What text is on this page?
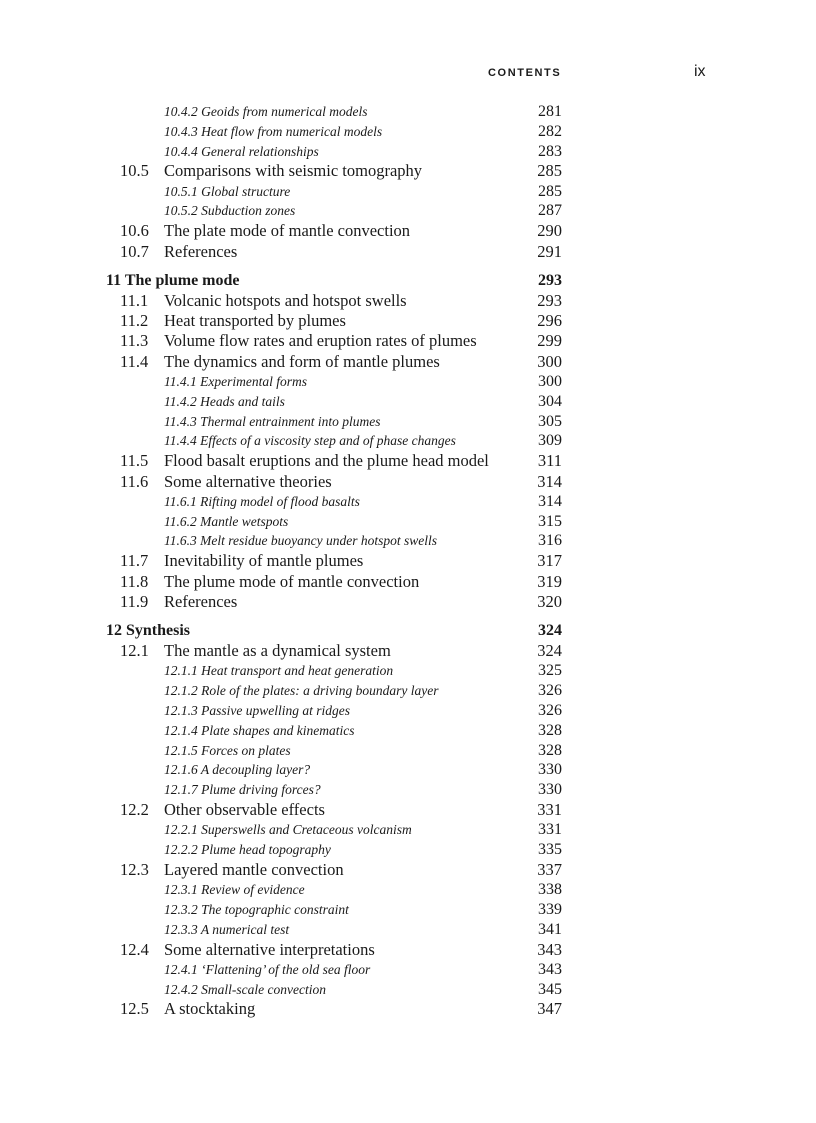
CONTENTS	ix
10.4.2 Geoids from numerical models	281
10.4.3 Heat flow from numerical models	282
10.4.4 General relationships	283
10.5 Comparisons with seismic tomography	285
10.5.1 Global structure	285
10.5.2 Subduction zones	287
10.6 The plate mode of mantle convection	290
10.7 References	291
11 The plume mode	293
11.1 Volcanic hotspots and hotspot swells	293
11.2 Heat transported by plumes	296
11.3 Volume flow rates and eruption rates of plumes	299
11.4 The dynamics and form of mantle plumes	300
11.4.1 Experimental forms	300
11.4.2 Heads and tails	304
11.4.3 Thermal entrainment into plumes	305
11.4.4 Effects of a viscosity step and of phase changes	309
11.5 Flood basalt eruptions and the plume head model	311
11.6 Some alternative theories	314
11.6.1 Rifting model of flood basalts	314
11.6.2 Mantle wetspots	315
11.6.3 Melt residue buoyancy under hotspot swells	316
11.7 Inevitability of mantle plumes	317
11.8 The plume mode of mantle convection	319
11.9 References	320
12 Synthesis	324
12.1 The mantle as a dynamical system	324
12.1.1 Heat transport and heat generation	325
12.1.2 Role of the plates: a driving boundary layer	326
12.1.3 Passive upwelling at ridges	326
12.1.4 Plate shapes and kinematics	328
12.1.5 Forces on plates	328
12.1.6 A decoupling layer?	330
12.1.7 Plume driving forces?	330
12.2 Other observable effects	331
12.2.1 Superswells and Cretaceous volcanism	331
12.2.2 Plume head topography	335
12.3 Layered mantle convection	337
12.3.1 Review of evidence	338
12.3.2 The topographic constraint	339
12.3.3 A numerical test	341
12.4 Some alternative interpretations	343
12.4.1 ‘Flattening’ of the old sea floor	343
12.4.2 Small-scale convection	345
12.5 A stocktaking	347
